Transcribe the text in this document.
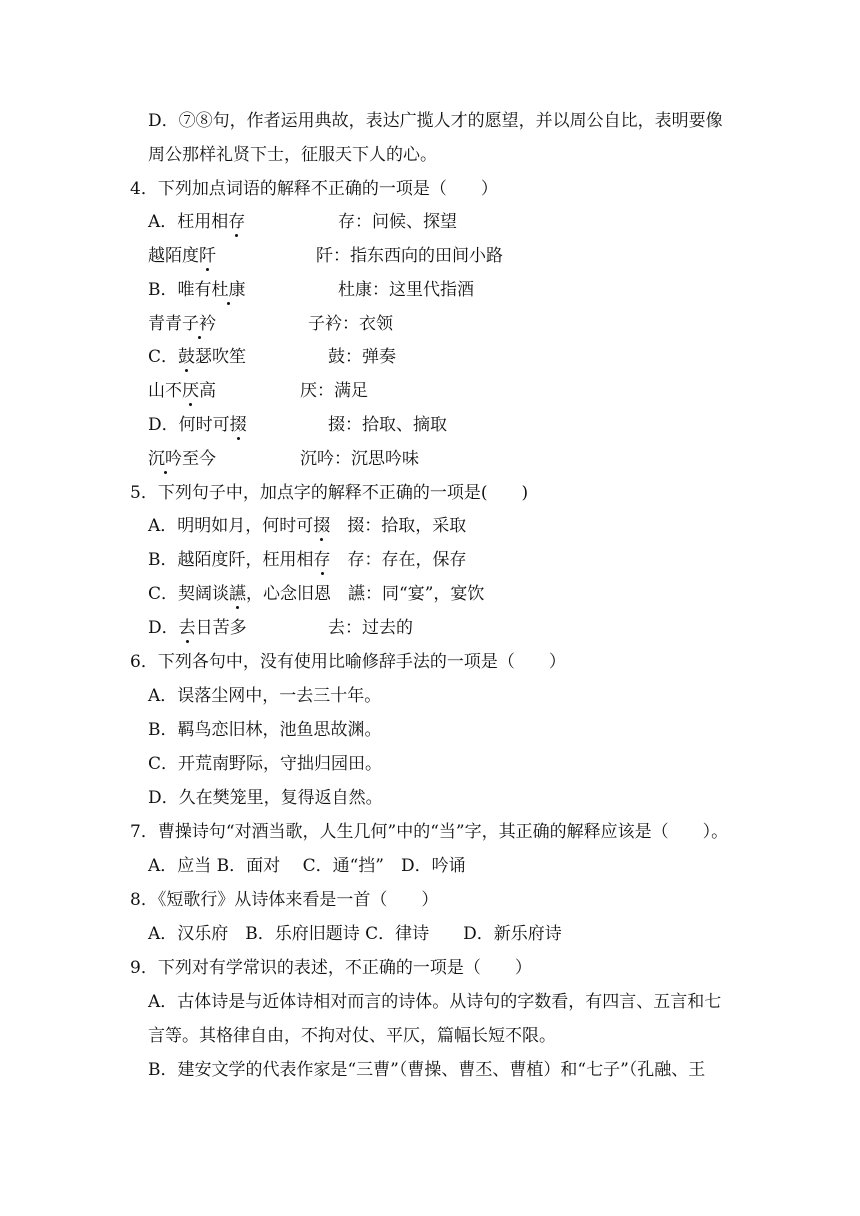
D．⑦⑧句，作者运用典故，表达广揽人才的愿望，并以周公自比，表明要像
周公那样礼贤下士，征服天下人的心。
4．下列加点词语的解释不正确的一项是（　　）
A．枉用相存	存：问候、探望
越陌度阡	阡：指东西向的田间小路
B．唯有杜康	杜康：这里代指酒
青青子衿	子衿：衣领
C．鼓瑟吹笙	鼓：弹奏
山不厌高	厌：满足
D．何时可掇	掇：拾取、摘取
沉吟至今	沉吟：沉思吟味
5．下列句子中，加点字的解释不正确的一项是(　　)
A．明明如月，何时可掇　掇：拾取，采取
B．越陌度阡，枉用相存　存：存在，保存
C．契阔谈讌，心念旧恩　讌：同“宴”，宴饮
D．去日苦多	去：过去的
6．下列各句中，没有使用比喻修辞手法的一项是（　　）
A．误落尘网中，一去三十年。
B．羁鸟恋旧林，池鱼思故渊。
C．开荒南野际，守拙归园田。
D．久在樊笼里，复得返自然。
7．曹操诗句“对酒当歌，人生几何”中的“当”字，其正确的解释应该是（　　）。
A．应当 B．面对　 C．通“挡”　D．吟诵
8．《短歌行》从诗体来看是一首（　　）
A．汉乐府　B．乐府旧题诗 C．律诗　　D．新乐府诗
9．下列对有学常识的表述，不正确的一项是（　　）
A．古体诗是与近体诗相对而言的诗体。从诗句的字数看，有四言、五言和七
言等。其格律自由，不拘对仗、平仄，篇幅长短不限。
B．建安文学的代表作家是“三曹”（曹操、曹丕、曹植）和“七子”（孔融、王
